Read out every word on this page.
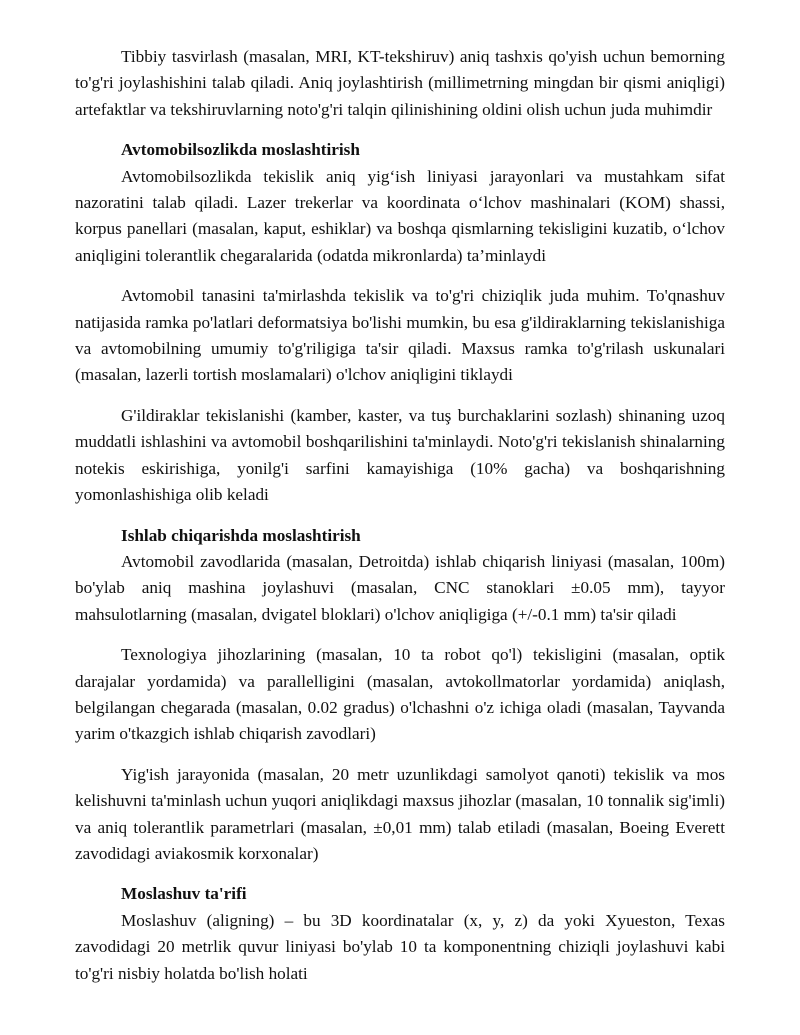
Tibbiy tasvirlash (masalan, MRI, KT-tekshiruv) aniq tashxis qo'yish uchun bemorning to'g'ri joylashishini talab qiladi. Aniq joylashtirish (millimetrning mingdan bir qismi aniqligi) artefaktlar va tekshiruvlarning noto'g'ri talqin qilinishining oldini olish uchun juda muhimdir

Avtomobilsozlikda moslashtirish

Avtomobilsozlikda tekislik aniq yig‘ish liniyasi jarayonlari va mustahkam sifat nazoratini talab qiladi. Lazer trekerlar va koordinata o‘lchov mashinalari (KOM) shassi, korpus panellari (masalan, kaput, eshiklar) va boshqa qismlarning tekisligini kuzatib, o‘lchov aniqligini tolerantlik chegaralarida (odatda mikronlarda) ta’minlaydi

Avtomobil tanasini ta'mirlashda tekislik va to'g'ri chiziqlik juda muhim. To'qnashuv natijasida ramka po'latlari deformatsiya bo'lishi mumkin, bu esa g'ildiraklarning tekislanishiga va avtomobilning umumiy to'g'riligiga ta'sir qiladi. Maxsus ramka to'g'rilash uskunalari (masalan, lazerli tortish moslamalari) o'lchov aniqligini tiklaydi

G'ildiraklar tekislanishi (kamber, kaster, va tuş burchaklarini sozlash) shinaning uzoq muddatli ishlashini va avtomobil boshqarilishini ta'minlaydi. Noto'g'ri tekislanish shinalarning notekis eskirishiga, yonilg'i sarfini kamayishiga (10% gacha) va boshqarishning yomonlashishiga olib keladi

Ishlab chiqarishda moslashtirish

Avtomobil zavodlarida (masalan, Detroitda) ishlab chiqarish liniyasi (masalan, 100m) bo'ylab aniq mashina joylashuvi (masalan, CNC stanoklari ±0.05 mm), tayyor mahsulotlarning (masalan, dvigatel bloklari) o'lchov aniqligiga (+/-0.1 mm) ta'sir qiladi

Texnologiya jihozlarining (masalan, 10 ta robot qo'l) tekisligini (masalan, optik darajalar yordamida) va parallelligini (masalan, avtokollmatorlar yordamida) aniqlash, belgilangan chegarada (masalan, 0.02 gradus) o'lchashni o'z ichiga oladi (masalan, Tayvanda yarim o'tkazgich ishlab chiqarish zavodlari)

Yig'ish jarayonida (masalan, 20 metr uzunlikdagi samolyot qanoti) tekislik va mos kelishuvni ta'minlash uchun yuqori aniqlikdagi maxsus jihozlar (masalan, 10 tonnalik sig'imli) va aniq tolerantlik parametrlari (masalan, ±0,01 mm) talab etiladi (masalan, Boeing Everett zavodidagi aviakosmik korxonalar)

Moslashuv ta'rifi

Moslashuv (aligning) – bu 3D koordinatalar (x, y, z) da yoki Xyueston, Texas zavodidagi 20 metrlik quvur liniyasi bo'ylab 10 ta komponentning chiziqli joylashuvi kabi to'g'ri nisbiy holatda bo'lish holati
